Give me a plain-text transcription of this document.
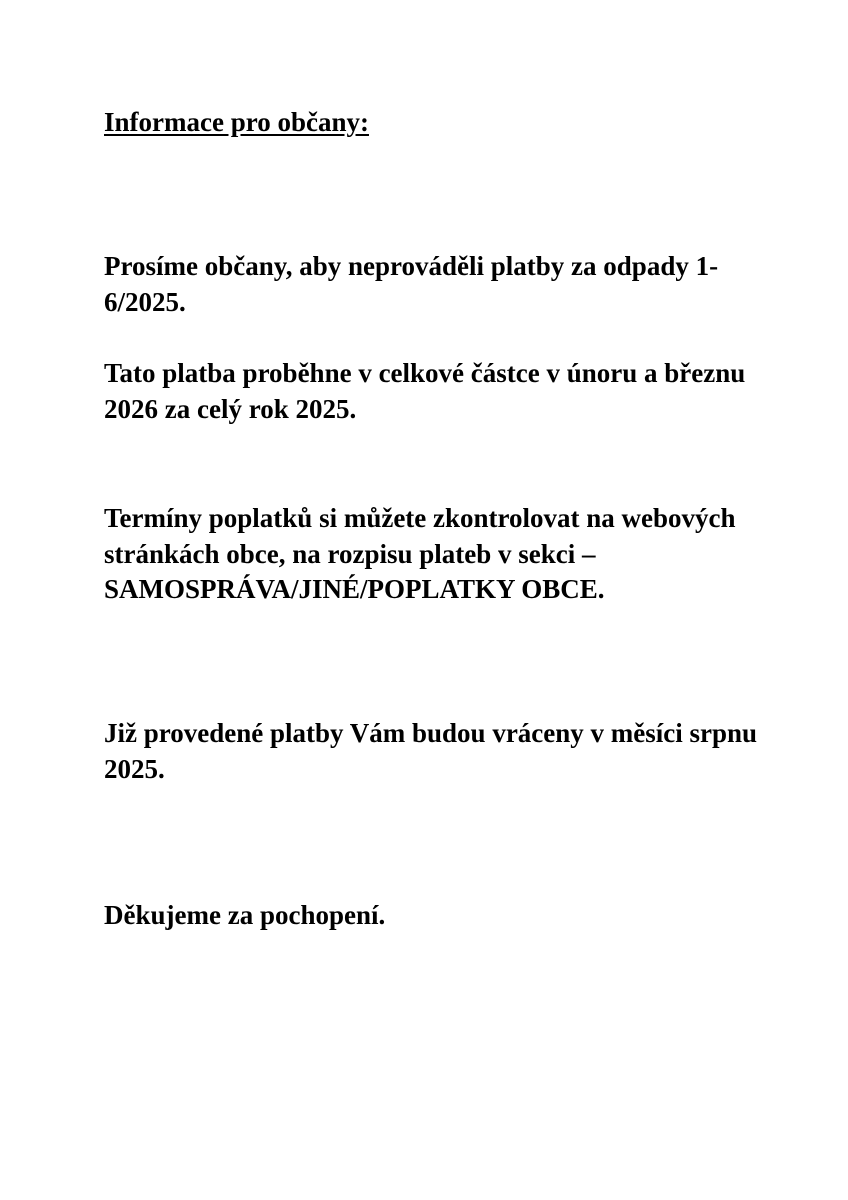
Informace pro občany:

Prosíme občany, aby neprováděli platby za odpady 1-6/2025.

Tato platba proběhne v celkové částce v únoru a březnu 2026 za celý rok 2025.

Termíny poplatků si můžete zkontrolovat na webových stránkách obce, na rozpisu plateb v sekci – SAMOSPRÁVA/JINÉ/POPLATKY OBCE.

Již provedené platby Vám budou vráceny v měsíci srpnu 2025.

Děkujeme za pochopení.
